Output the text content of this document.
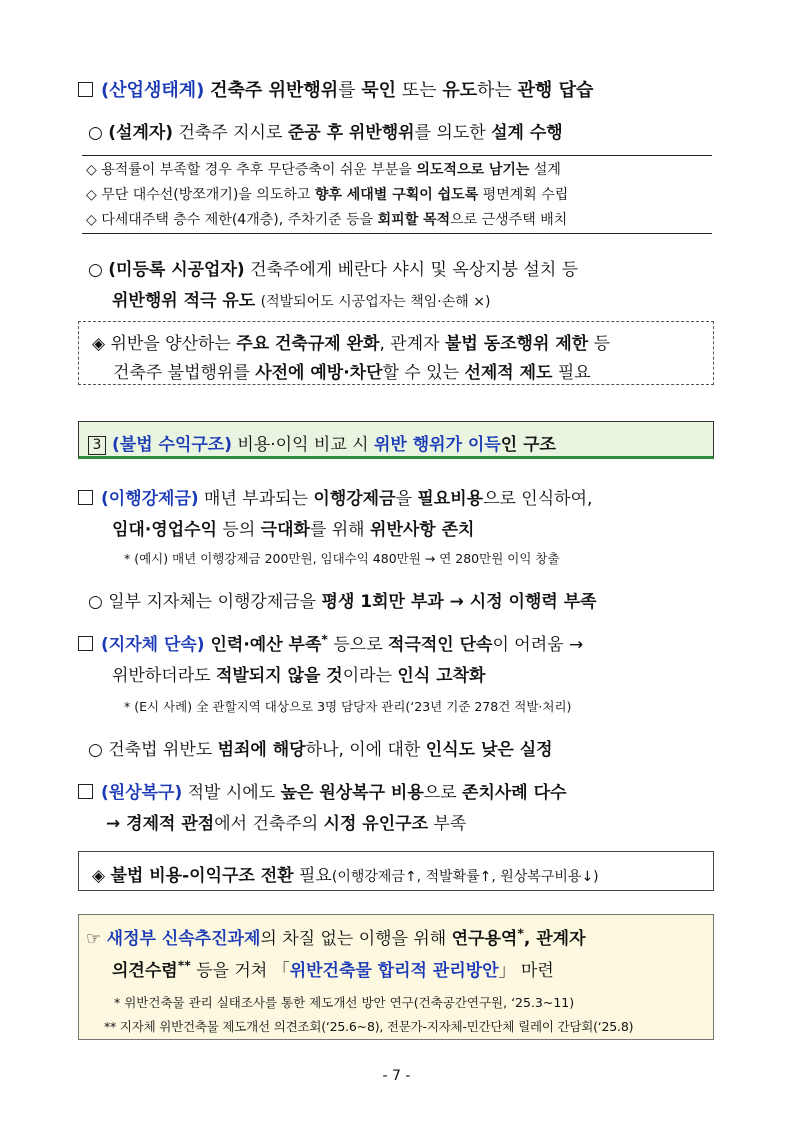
(산업생태계) 건축주 위반행위를 묵인 또는 유도하는 관행 답습
○ (설계자) 건축주 지시로 준공 후 위반행위를 의도한 설계 수행
◇ 용적률이 부족할 경우 추후 무단증축이 쉬운 부분을 의도적으로 남기는 설계
◇ 무단 대수선(방쪼개기)을 의도하고 향후 세대별 구획이 쉽도록 평면계획 수립
◇ 다세대주택 층수 제한(4개층), 주차기준 등을 회피할 목적으로 근생주택 배치
○ (미등록 시공업자) 건축주에게 베란다 샤시 및 옥상지붕 설치 등
위반행위 적극 유도 (적발되어도 시공업자는 책임·손해 ×)
◈ 위반을 양산하는 주요 건축규제 완화, 관계자 불법 동조행위 제한 등
건축주 불법행위를 사전에 예방·차단할 수 있는 선제적 제도 필요
3 (불법 수익구조) 비용·이익 비교 시 위반 행위가 이득인 구조
(이행강제금) 매년 부과되는 이행강제금을 필요비용으로 인식하여,
임대·영업수익 등의 극대화를 위해 위반사항 존치
* (예시) 매년 이행강제금 200만원, 임대수익 480만원 → 연 280만원 이익 창출
○ 일부 지자체는 이행강제금을 평생 1회만 부과 → 시정 이행력 부족
(지자체 단속) 인력·예산 부족* 등으로 적극적인 단속이 어려움 →
위반하더라도 적발되지 않을 것이라는 인식 고착화
* (E시 사례) 全 관할지역 대상으로 3명 담당자 관리(‘23년 기준 278건 적발·처리)
○ 건축법 위반도 범죄에 해당하나, 이에 대한 인식도 낮은 실정
(원상복구) 적발 시에도 높은 원상복구 비용으로 존치사례 다수
→ 경제적 관점에서 건축주의 시정 유인구조 부족
◈ 불법 비용-이익구조 전환 필요(이행강제금↑, 적발확률↑, 원상복구비용↓)
☞ 새정부 신속추진과제의 차질 없는 이행을 위해 연구용역*, 관계자
의견수렴** 등을 거쳐 「위반건축물 합리적 관리방안」 마련
* 위반건축물 관리 실태조사를 통한 제도개선 방안 연구(건축공간연구원, ‘25.3~11)
** 지자체 위반건축물 제도개선 의견조회(‘25.6~8), 전문가-지자체-민간단체 릴레이 간담회(‘25.8)
- 7 -
